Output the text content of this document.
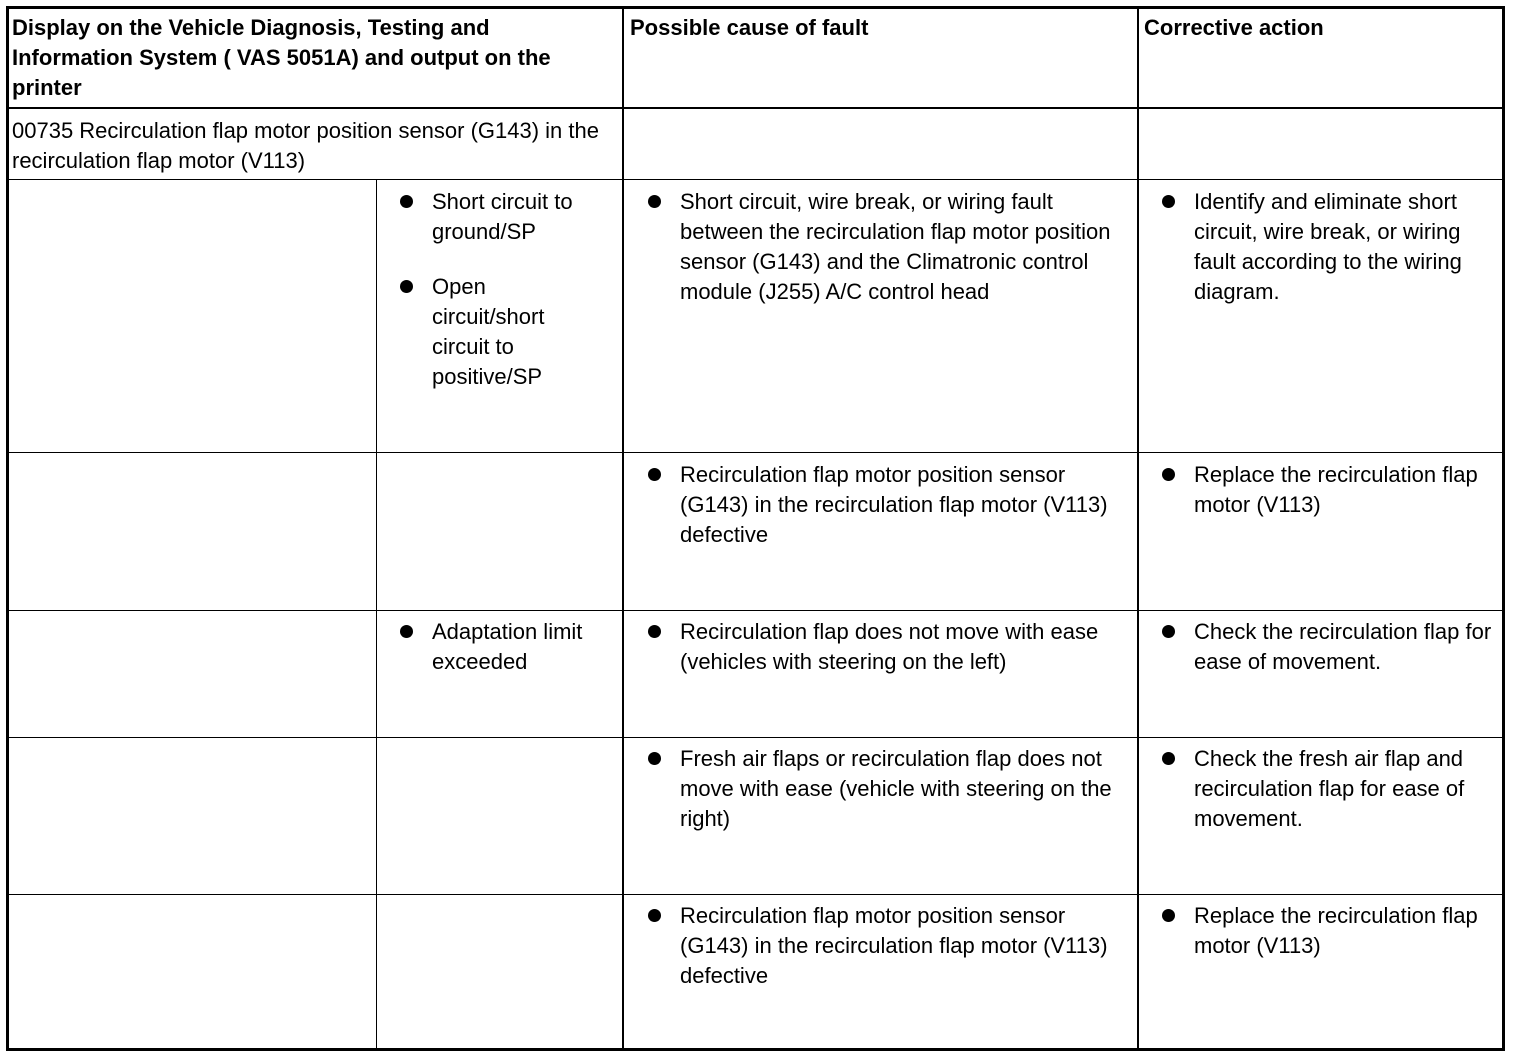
Display on the Vehicle Diagnosis, Testing and Information System ( VAS 5051A) and output on the printer
Possible cause of fault	Corrective action
00735 Recirculation flap motor position sensor (G143) in the recirculation flap motor (V113)
Short circuit to ground/SP
Open circuit/short circuit to positive/SP
Short circuit, wire break, or wiring fault between the recirculation flap motor position sensor (G143) and the Climatronic control module (J255) A/C control head
Identify and eliminate short circuit, wire break, or wiring fault according to the wiring diagram.
Recirculation flap motor position sensor (G143) in the recirculation flap motor (V113) defective
Replace the recirculation flap motor (V113)
Adaptation limit exceeded
Recirculation flap does not move with ease (vehicles with steering on the left)
Check the recirculation flap for ease of movement.
Fresh air flaps or recirculation flap does not move with ease (vehicle with steering on the right)
Check the fresh air flap and recirculation flap for ease of movement.
Recirculation flap motor position sensor (G143) in the recirculation flap motor (V113) defective
Replace the recirculation flap motor (V113)
